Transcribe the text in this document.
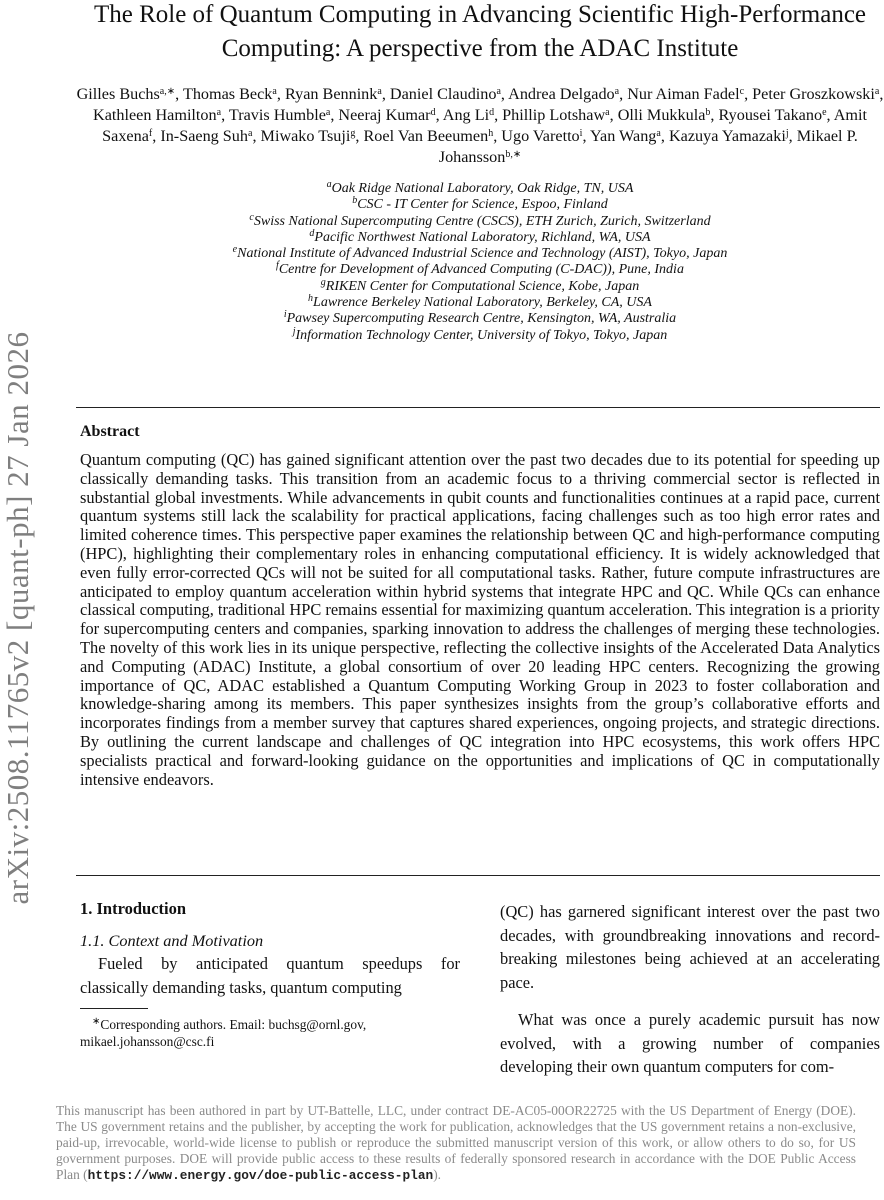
arXiv:2508.11765v2 [quant-ph] 27 Jan 2026
The Role of Quantum Computing in Advancing Scientific High-Performance
Computing: A perspective from the ADAC Institute
Gilles Buchs$^{a,∗}$, Thomas Beck$^a$, Ryan Bennink$^a$, Daniel Claudino$^a$, Andrea Delgado$^a$, Nur Aiman Fadel$^c$, Peter Groszkowski$^a$, Kathleen Hamilton$^a$, Travis Humble$^a$, Neeraj Kumar$^d$, Ang Li$^d$, Phillip Lotshaw$^a$, Olli Mukkula$^b$, Ryousei Takano$^e$, Amit Saxena$^f$, In-Saeng Suh$^a$, Miwako Tsuji$^g$, Roel Van Beeumen$^h$, Ugo Varetto$^i$, Yan Wang$^a$, Kazuya Yamazaki$^j$, Mikael P. Johansson$^{b,∗}$
$^a$Oak Ridge National Laboratory, Oak Ridge, TN, USA
$^b$CSC - IT Center for Science, Espoo, Finland
$^c$Swiss National Supercomputing Centre (CSCS), ETH Zurich, Zurich, Switzerland
$^d$Pacific Northwest National Laboratory, Richland, WA, USA
$^e$National Institute of Advanced Industrial Science and Technology (AIST), Tokyo, Japan
$^f$Centre for Development of Advanced Computing (C-DAC)), Pune, India
$^g$RIKEN Center for Computational Science, Kobe, Japan
$^h$Lawrence Berkeley National Laboratory, Berkeley, CA, USA
$^i$Pawsey Supercomputing Research Centre, Kensington, WA, Australia
$^j$Information Technology Center, University of Tokyo, Tokyo, Japan
Abstract
Quantum computing (QC) has gained significant attention over the past two decades due to its potential for speeding up classically demanding tasks. This transition from an academic focus to a thriving commercial sector is reflected in substantial global investments. While advancements in qubit counts and functionalities continues at a rapid pace, current quantum systems still lack the scalability for practical applications, facing challenges such as too high error rates and limited coherence times. This perspective paper examines the relationship between QC and high-performance computing (HPC), highlighting their complementary roles in enhancing computational efficiency. It is widely acknowledged that even fully error-corrected QCs will not be suited for all computational tasks. Rather, future compute infrastructures are anticipated to employ quantum acceleration within hybrid systems that integrate HPC and QC. While QCs can enhance classical computing, traditional HPC remains essential for maximizing quantum acceleration. This integration is a priority for supercomputing centers and companies, sparking innovation to address the challenges of merging these technologies. The novelty of this work lies in its unique perspective, reflecting the collective insights of the Accelerated Data Analytics and Computing (ADAC) Institute, a global consortium of over 20 leading HPC centers. Recognizing the growing importance of QC, ADAC established a Quantum Computing Working Group in 2023 to foster collaboration and knowledge-sharing among its members. This paper synthesizes insights from the group’s collaborative efforts and incorporates findings from a member survey that captures shared experiences, ongoing projects, and strategic directions. By outlining the current landscape and challenges of QC integration into HPC ecosystems, this work offers HPC specialists practical and forward-looking guidance on the opportunities and implications of QC in computationally intensive endeavors.
1. Introduction
1.1. Context and Motivation
Fueled by anticipated quantum speedups for classically demanding tasks, quantum computing
(QC) has garnered significant interest over the past two decades, with groundbreaking innovations and record-breaking milestones being achieved at an accelerating pace.
What was once a purely academic pursuit has now evolved, with a growing number of companies developing their own quantum computers for com-
∗Corresponding authors. Email: buchsg@ornl.gov,
mikael.johansson@csc.fi
This manuscript has been authored in part by UT-Battelle, LLC, under contract DE-AC05-00OR22725 with the US Department of Energy (DOE). The US government retains and the publisher, by accepting the work for publication, acknowledges that the US government retains a non-exclusive, paid-up, irrevocable, world-wide license to publish or reproduce the submitted manuscript version of this work, or allow others to do so, for US government purposes. DOE will provide public access to these results of federally sponsored research in accordance with the DOE Public Access Plan (https://www.energy.gov/doe-public-access-plan).
